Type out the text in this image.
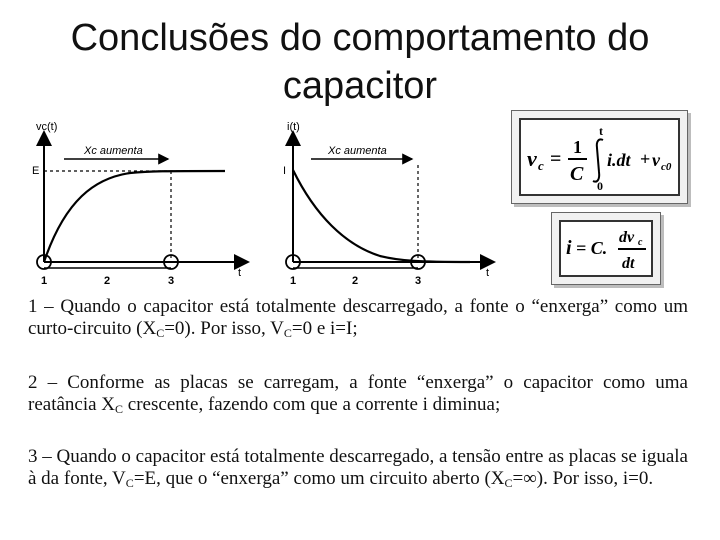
Conclusões do comportamento do
capacitor
vc(t)
E
Xc aumenta
t
1	2	3
i(t)
I
Xc aumenta
t
1	2	3
v c =
1
C
t
0
i.dt + v c0
i = C.
dv c
dt
1 – Quando o capacitor está totalmente descarregado, a fonte o “enxerga” como um curto-circuito $(X_C=0)$. Por isso, $V_C=0$ e i=I;
2 – Conforme as placas se carregam, a fonte “enxerga” o capacitor como uma reatância $X_C$ crescente, fazendo com que a corrente i diminua;
3 – Quando o capacitor está totalmente descarregado, a tensão entre as placas se iguala à da fonte, $V_C=E$, que o “enxerga” como um circuito aberto $(X_C=\infty)$. Por isso, i=0.
